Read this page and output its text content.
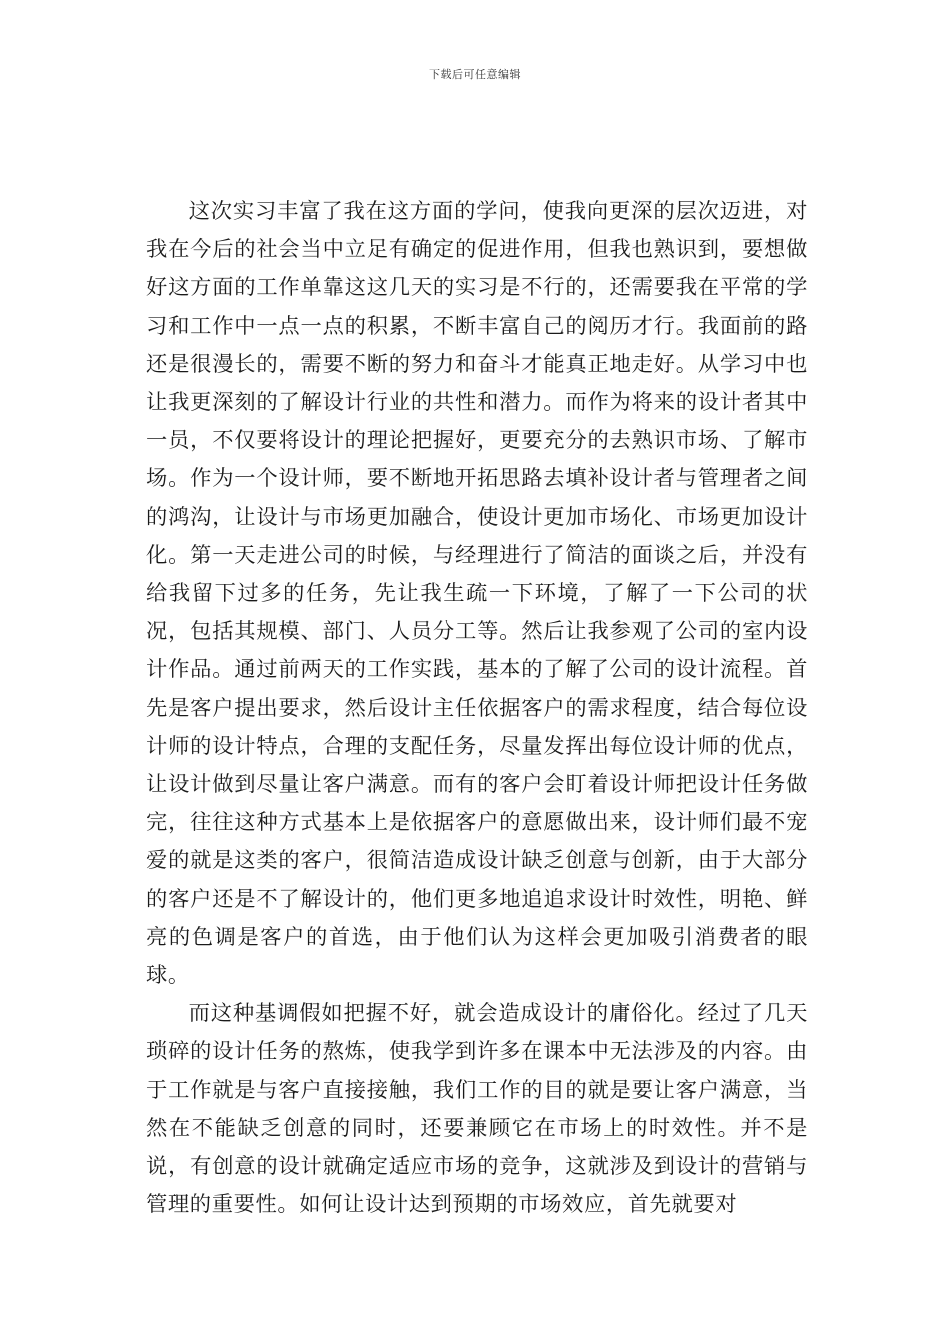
下载后可任意编辑

这次实习丰富了我在这方面的学问，使我向更深的层次迈进，对我在今后的社会当中立足有确定的促进作用，但我也熟识到，要想做好这方面的工作单靠这这几天的实习是不行的，还需要我在平常的学习和工作中一点一点的积累，不断丰富自己的阅历才行。我面前的路还是很漫长的，需要不断的努力和奋斗才能真正地走好。从学习中也让我更深刻的了解设计行业的共性和潜力。而作为将来的设计者其中一员，不仅要将设计的理论把握好，更要充分的去熟识市场、了解市场。作为一个设计师，要不断地开拓思路去填补设计者与管理者之间的鸿沟，让设计与市场更加融合，使设计更加市场化、市场更加设计化。第一天走进公司的时候，与经理进行了简洁的面谈之后，并没有给我留下过多的任务，先让我生疏一下环境，了解了一下公司的状况，包括其规模、部门、人员分工等。然后让我参观了公司的室内设计作品。通过前两天的工作实践，基本的了解了公司的设计流程。首先是客户提出要求，然后设计主任依据客户的需求程度，结合每位设计师的设计特点，合理的支配任务，尽量发挥出每位设计师的优点，让设计做到尽量让客户满意。而有的客户会盯着设计师把设计任务做完，往往这种方式基本上是依据客户的意愿做出来，设计师们最不宠爱的就是这类的客户，很简洁造成设计缺乏创意与创新，由于大部分的客户还是不了解设计的，他们更多地追追求设计时效性，明艳、鲜亮的色调是客户的首选，由于他们认为这样会更加吸引消费者的眼球。

而这种基调假如把握不好，就会造成设计的庸俗化。经过了几天琐碎的设计任务的熬炼，使我学到许多在课本中无法涉及的内容。由于工作就是与客户直接接触，我们工作的目的就是要让客户满意，当然在不能缺乏创意的同时，还要兼顾它在市场上的时效性。并不是说，有创意的设计就确定适应市场的竞争，这就涉及到设计的营销与管理的重要性。如何让设计达到预期的市场效应，首先就要对
